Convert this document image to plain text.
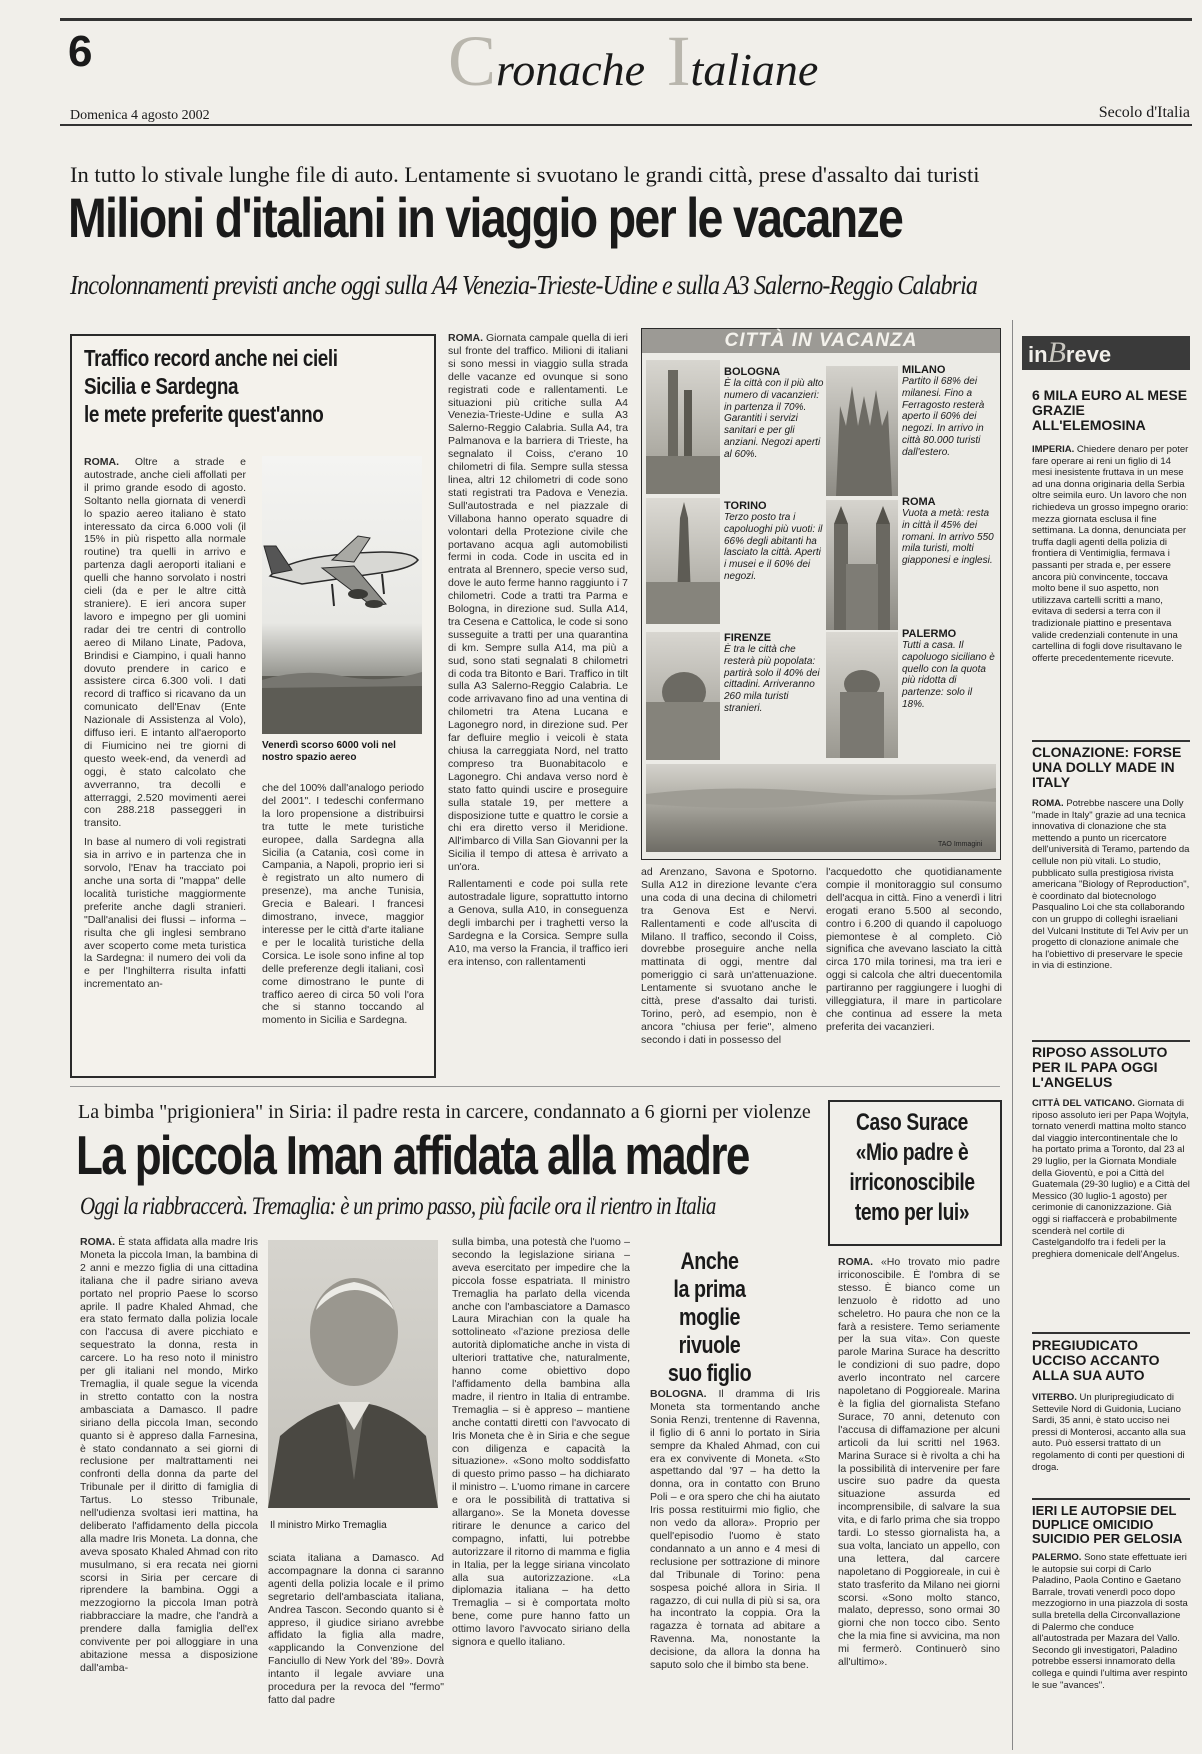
6	Cronache Italiane
Domenica 4 agosto 2002	Secolo d'Italia
In tutto lo stivale lunghe file di auto. Lentamente si svuotano le grandi città, prese d'assalto dai turisti
Milioni d'italiani in viaggio per le vacanze
Incolonnamenti previsti anche oggi sulla A4 Venezia-Trieste-Udine e sulla A3 Salerno-Reggio Calabria
Traffico record anche nei cieli
Sicilia e Sardegna
le mete preferite quest'anno
ROMA. Oltre a strade e autostrade, anche cieli affollati per il primo grande esodo di agosto. Soltanto nella giornata di venerdì lo spazio aereo italiano è stato interessato da circa 6.000 voli (il 15% in più rispetto alla normale routine) tra quelli in arrivo e partenza dagli aeroporti italiani e quelli che hanno sorvolato i nostri cieli (da e per le altre città straniere). E ieri ancora super lavoro e impegno per gli uomini radar dei tre centri di controllo aereo di Milano Linate, Padova, Brindisi e Ciampino, i quali hanno dovuto prendere in carico e assistere circa 6.300 voli. I dati record di traffico si ricavano da un comunicato dell'Enav (Ente Nazionale di Assistenza al Volo), diffuso ieri. E intanto all'aeroporto di Fiumicino nei tre giorni di questo week-end, da venerdì ad oggi, è stato calcolato che avverranno, tra decolli e atterraggi, 2.520 movimenti aerei con 288.218 passeggeri in transito.
In base al numero di voli registrati sia in arrivo e in partenza che in sorvolo, l'Enav ha tracciato poi anche una sorta di "mappa" delle località turistiche maggiormente preferite anche dagli stranieri. "Dall'analisi dei flussi – informa – risulta che gli inglesi sembrano aver scoperto come meta turistica la Sardegna: il numero dei voli da e per l'Inghilterra risulta infatti incrementato an-
Venerdì scorso 6000 voli nel nostro spazio aereo
che del 100% dall'analogo periodo del 2001". I tedeschi confermano la loro propensione a distribuirsi tra tutte le mete turistiche europee, dalla Sardegna alla Sicilia (a Catania, così come in Campania, a Napoli, proprio ieri si è registrato un alto numero di presenze), ma anche Tunisia, Grecia e Baleari. I francesi dimostrano, invece, maggior interesse per le città d'arte italiane e per le località turistiche della Corsica. Le isole sono infine al top delle preferenze degli italiani, così come dimostrano le punte di traffico aereo di circa 50 voli l'ora che si stanno toccando al momento in Sicilia e Sardegna.
ROMA. Giornata campale quella di ieri sul fronte del traffico. Milioni di italiani si sono messi in viaggio sulla strada delle vacanze ed ovunque si sono registrati code e rallentamenti. Le situazioni più critiche sulla A4 Venezia-Trieste-Udine e sulla A3 Salerno-Reggio Calabria. Sulla A4, tra Palmanova e la barriera di Trieste, ha segnalato il Coiss, c'erano 10 chilometri di fila. Sempre sulla stessa linea, altri 12 chilometri di code sono stati registrati tra Padova e Venezia. Sull'autostrada e nel piazzale di Villabona hanno operato squadre di volontari della Protezione civile che portavano acqua agli automobilisti fermi in coda. Code in uscita ed in entrata al Brennero, specie verso sud, dove le auto ferme hanno raggiunto i 7 chilometri. Code a tratti tra Parma e Bologna, in direzione sud. Sulla A14, tra Cesena e Cattolica, le code si sono susseguite a tratti per una quarantina di km. Sempre sulla A14, ma più a sud, sono stati segnalati 8 chilometri di coda tra Bitonto e Bari. Traffico in tilt sulla A3 Salerno-Reggio Calabria. Le code arrivavano fino ad una ventina di chilometri tra Atena Lucana e Lagonegro nord, in direzione sud. Per far defluire meglio i veicoli è stata chiusa la carreggiata Nord, nel tratto compreso tra Buonabitacolo e Lagonegro. Chi andava verso nord è stato fatto quindi uscire e proseguire sulla statale 19, per mettere a disposizione tutte e quattro le corsie a chi era diretto verso il Meridione. All'imbarco di Villa San Giovanni per la Sicilia il tempo di attesa è arrivato a un'ora.
Rallentamenti e code poi sulla rete autostradale ligure, soprattutto intorno a Genova, sulla A10, in conseguenza degli imbarchi per i traghetti verso la Sardegna e la Corsica. Sempre sulla A10, ma verso la Francia, il traffico ieri era intenso, con rallentamenti
CITTÀ IN VACANZA
BOLOGNA
È la città con il più alto numero di vacanzieri: in partenza il 70%. Garantiti i servizi sanitari e per gli anziani. Negozi aperti al 60%.
MILANO
Partito il 68% dei milanesi. Fino a Ferragosto resterà aperto il 60% dei negozi. In arrivo in città 80.000 turisti dall'estero.
TORINO
Terzo posto tra i capoluoghi più vuoti: il 66% degli abitanti ha lasciato la città. Aperti i musei e il 60% dei negozi.
ROMA
Vuota a metà: resta in città il 45% dei romani. In arrivo 550 mila turisti, molti giapponesi e inglesi.
FIRENZE
È tra le città che resterà più popolata: partirà solo il 40% dei cittadini. Arriveranno 260 mila turisti stranieri.
PALERMO
Tutti a casa. Il capoluogo siciliano è quello con la quota più ridotta di partenze: solo il 18%.
TAO Immagini
ad Arenzano, Savona e Spotorno. Sulla A12 in direzione levante c'era una coda di una decina di chilometri tra Genova Est e Nervi. Rallentamenti e code all'uscita di Milano. Il traffico, secondo il Coiss, dovrebbe proseguire anche nella mattinata di oggi, mentre dal pomeriggio ci sarà un'attenuazione. Lentamente si svuotano anche le città, prese d'assalto dai turisti. Torino, però, ad esempio, non è ancora "chiusa per ferie", almeno secondo i dati in possesso del
l'acquedotto che quotidianamente compie il monitoraggio sul consumo dell'acqua in città. Fino a venerdì i litri erogati erano 5.500 al secondo, contro i 6.200 di quando il capoluogo piemontese è al completo. Ciò significa che avevano lasciato la città circa 170 mila torinesi, ma tra ieri e oggi si calcola che altri duecentomila partiranno per raggiungere i luoghi di villeggiatura, il mare in particolare che continua ad essere la meta preferita dei vacanzieri.
inBreve
6 MILA EURO AL MESE GRAZIE ALL'ELEMOSINA
IMPERIA. Chiedere denaro per poter fare operare ai reni un figlio di 14 mesi inesistente fruttava in un mese ad una donna originaria della Serbia oltre seimila euro. Un lavoro che non richiedeva un grosso impegno orario: mezza giornata esclusa il fine settimana. La donna, denunciata per truffa dagli agenti della polizia di frontiera di Ventimiglia, fermava i passanti per strada e, per essere ancora più convincente, toccava molto bene il suo aspetto, non utilizzava cartelli scritti a mano, evitava di sedersi a terra con il tradizionale piattino e presentava valide credenziali contenute in una cartellina di fogli dove risultavano le offerte precedentemente ricevute.
CLONAZIONE: FORSE UNA DOLLY MADE IN ITALY
ROMA. Potrebbe nascere una Dolly "made in Italy" grazie ad una tecnica innovativa di clonazione che sta mettendo a punto un ricercatore dell'università di Teramo, partendo da cellule non più vitali. Lo studio, pubblicato sulla prestigiosa rivista americana "Biology of Reproduction", è coordinato dal biotecnologo Pasqualino Loi che sta collaborando con un gruppo di colleghi israeliani del Vulcani Institute di Tel Aviv per un progetto di clonazione animale che ha l'obiettivo di preservare le specie in via di estinzione.
RIPOSO ASSOLUTO PER IL PAPA OGGI L'ANGELUS
CITTÀ DEL VATICANO. Giornata di riposo assoluto ieri per Papa Wojtyla, tornato venerdì mattina molto stanco dal viaggio intercontinentale che lo ha portato prima a Toronto, dal 23 al 29 luglio, per la Giornata Mondiale della Gioventù, e poi a Città del Guatemala (29-30 luglio) e a Città del Messico (30 luglio-1 agosto) per cerimonie di canonizzazione. Già oggi si riaffaccerà e probabilmente scenderà nel cortile di Castelgandolfo tra i fedeli per la preghiera domenicale dell'Angelus.
PREGIUDICATO UCCISO ACCANTO ALLA SUA AUTO
VITERBO. Un pluripregiudicato di Settevile Nord di Guidonia, Luciano Sardi, 35 anni, è stato ucciso nei pressi di Monterosi, accanto alla sua auto. Può essersi trattato di un regolamento di conti per questioni di droga.
IERI LE AUTOPSIE DEL DUPLICE OMICIDIO SUICIDIO PER GELOSIA
PALERMO. Sono state effettuate ieri le autopsie sui corpi di Carlo Paladino, Paola Contino e Gaetano Barrale, trovati venerdì poco dopo mezzogiorno in una piazzola di sosta sulla bretella della Circonvallazione di Palermo che conduce all'autostrada per Mazara del Vallo. Secondo gli investigatori, Paladino potrebbe essersi innamorato della collega e quindi l'ultima aver respinto le sue "avances".
La bimba "prigioniera" in Siria: il padre resta in carcere, condannato a 6 giorni per violenze
La piccola Iman affidata alla madre
Oggi la riabbraccerà. Tremaglia: è un primo passo, più facile ora il rientro in Italia
ROMA. È stata affidata alla madre Iris Moneta la piccola Iman, la bambina di 2 anni e mezzo figlia di una cittadina italiana che il padre siriano aveva portato nel proprio Paese lo scorso aprile. Il padre Khaled Ahmad, che era stato fermato dalla polizia locale con l'accusa di avere picchiato e sequestrato la donna, resta in carcere. Lo ha reso noto il ministro per gli italiani nel mondo, Mirko Tremaglia, il quale segue la vicenda in stretto contatto con la nostra ambasciata a Damasco. Il padre siriano della piccola Iman, secondo quanto si è appreso dalla Farnesina, è stato condannato a sei giorni di reclusione per maltrattamenti nei confronti della donna da parte del Tribunale per il diritto di famiglia di Tartus. Lo stesso Tribunale, nell'udienza svoltasi ieri mattina, ha deliberato l'affidamento della piccola alla madre Iris Moneta. La donna, che aveva sposato Khaled Ahmad con rito musulmano, si era recata nei giorni scorsi in Siria per cercare di riprendere la bambina. Oggi a mezzogiorno la piccola Iman potrà riabbracciare la madre, che l'andrà a prendere dalla famiglia dell'ex convivente per poi alloggiare in una abitazione messa a disposizione dall'amba-
Il ministro Mirko Tremaglia
sciata italiana a Damasco. Ad accompagnare la donna ci saranno agenti della polizia locale e il primo segretario dell'ambasciata italiana, Andrea Tascon. Secondo quanto si è appreso, il giudice siriano avrebbe affidato la figlia alla madre, «applicando la Convenzione del Fanciullo di New York del '89». Dovrà intanto il legale avviare una procedura per la revoca del "fermo" fatto dal padre
sulla bimba, una potestà che l'uomo – secondo la legislazione siriana – aveva esercitato per impedire che la piccola fosse espatriata. Il ministro Tremaglia ha parlato della vicenda anche con l'ambasciatore a Damasco Laura Mirachian con la quale ha sottolineato «l'azione preziosa delle autorità diplomatiche anche in vista di ulteriori trattative che, naturalmente, hanno come obiettivo dopo l'affidamento della bambina alla madre, il rientro in Italia di entrambe. Tremaglia – si è appreso – mantiene anche contatti diretti con l'avvocato di Iris Moneta che è in Siria e che segue con diligenza e capacità la situazione». «Sono molto soddisfatto di questo primo passo – ha dichiarato il ministro –. L'uomo rimane in carcere e ora le possibilità di trattativa si allargano». Se la Moneta dovesse ritirare le denunce a carico del compagno, infatti, lui potrebbe autorizzare il ritorno di mamma e figlia in Italia, per la legge siriana vincolato alla sua autorizzazione. «La diplomazia italiana – ha detto Tremaglia – si è comportata molto bene, come pure hanno fatto un ottimo lavoro l'avvocato siriano della signora e quello italiano.
Anche
la prima moglie
rivuole
suo figlio
BOLOGNA. Il dramma di Iris Moneta sta tormentando anche Sonia Renzi, trentenne di Ravenna, il figlio di 6 anni lo portato in Siria sempre da Khaled Ahmad, con cui era ex convivente di Moneta. «Sto aspettando dal '97 – ha detto la donna, ora in contatto con Bruno Poli – e ora spero che chi ha aiutato Iris possa restituirmi mio figlio, che non vedo da allora». Proprio per quell'episodio l'uomo è stato condannato a un anno e 4 mesi di reclusione per sottrazione di minore dal Tribunale di Torino: pena sospesa poiché allora in Siria. Il ragazzo, di cui nulla di più si sa, ora ha incontrato la coppia. Ora la ragazza è tornata ad abitare a Ravenna. Ma, nonostante la decisione, da allora la donna ha saputo solo che il bimbo sta bene.
Caso Surace
«Mio padre è
irriconoscibile
temo per lui»
ROMA. «Ho trovato mio padre irriconoscibile. È l'ombra di se stesso. È bianco come un lenzuolo è ridotto ad uno scheletro. Ho paura che non ce la farà a resistere. Temo seriamente per la sua vita». Con queste parole Marina Surace ha descritto le condizioni di suo padre, dopo averlo incontrato nel carcere napoletano di Poggioreale. Marina è la figlia del giornalista Stefano Surace, 70 anni, detenuto con l'accusa di diffamazione per alcuni articoli da lui scritti nel 1963. Marina Surace si è rivolta a chi ha la possibilità di intervenire per fare uscire suo padre da questa situazione assurda ed incomprensibile, di salvare la sua vita, e di farlo prima che sia troppo tardi. Lo stesso giornalista ha, a sua volta, lanciato un appello, con una lettera, dal carcere napoletano di Poggioreale, in cui è stato trasferito da Milano nei giorni scorsi. «Sono molto stanco, malato, depresso, sono ormai 30 giorni che non tocco cibo. Sento che la mia fine si avvicina, ma non mi fermerò. Continuerò sino all'ultimo».
